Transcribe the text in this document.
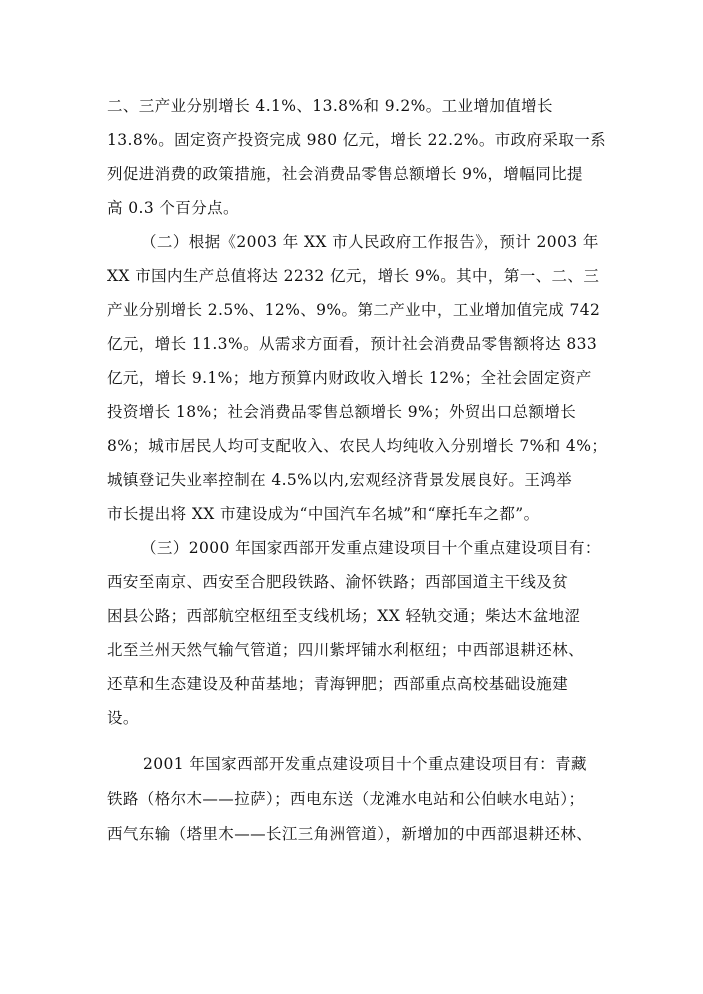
二、三产业分别增长 4.1%、13.8%和 9.2%。工业增加值增长
13.8%。固定资产投资完成 980 亿元，增长 22.2%。市政府采取一系
列促进消费的政策措施，社会消费品零售总额增长 9%，增幅同比提
高 0.3 个百分点。
（二）根据《2003 年 XX 市人民政府工作报告》，预计 2003 年
XX 市国内生产总值将达 2232 亿元，增长 9%。其中，第一、二、三
产业分别增长 2.5%、12%、9%。第二产业中，工业增加值完成 742
亿元，增长 11.3%。从需求方面看，预计社会消费品零售额将达 833
亿元，增长 9.1%；地方预算内财政收入增长 12%；全社会固定资产
投资增长 18%；社会消费品零售总额增长 9%；外贸出口总额增长
8%；城市居民人均可支配收入、农民人均纯收入分别增长 7%和 4%；
城镇登记失业率控制在 4.5%以内,宏观经济背景发展良好。王鸿举
市长提出将 XX 市建设成为“中国汽车名城”和“摩托车之都”。
（三）2000 年国家西部开发重点建设项目十个重点建设项目有：
西安至南京、西安至合肥段铁路、渝怀铁路；西部国道主干线及贫
困县公路；西部航空枢纽至支线机场；XX 轻轨交通；柴达木盆地涩
北至兰州天然气输气管道；四川紫坪铺水利枢纽；中西部退耕还林、
还草和生态建设及种苗基地；青海钾肥；西部重点高校基础设施建
设。
2001 年国家西部开发重点建设项目十个重点建设项目有：青藏
铁路（格尔木——拉萨）；西电东送（龙滩水电站和公伯峡水电站）；
西气东输（塔里木——长江三角洲管道），新增加的中西部退耕还林、
